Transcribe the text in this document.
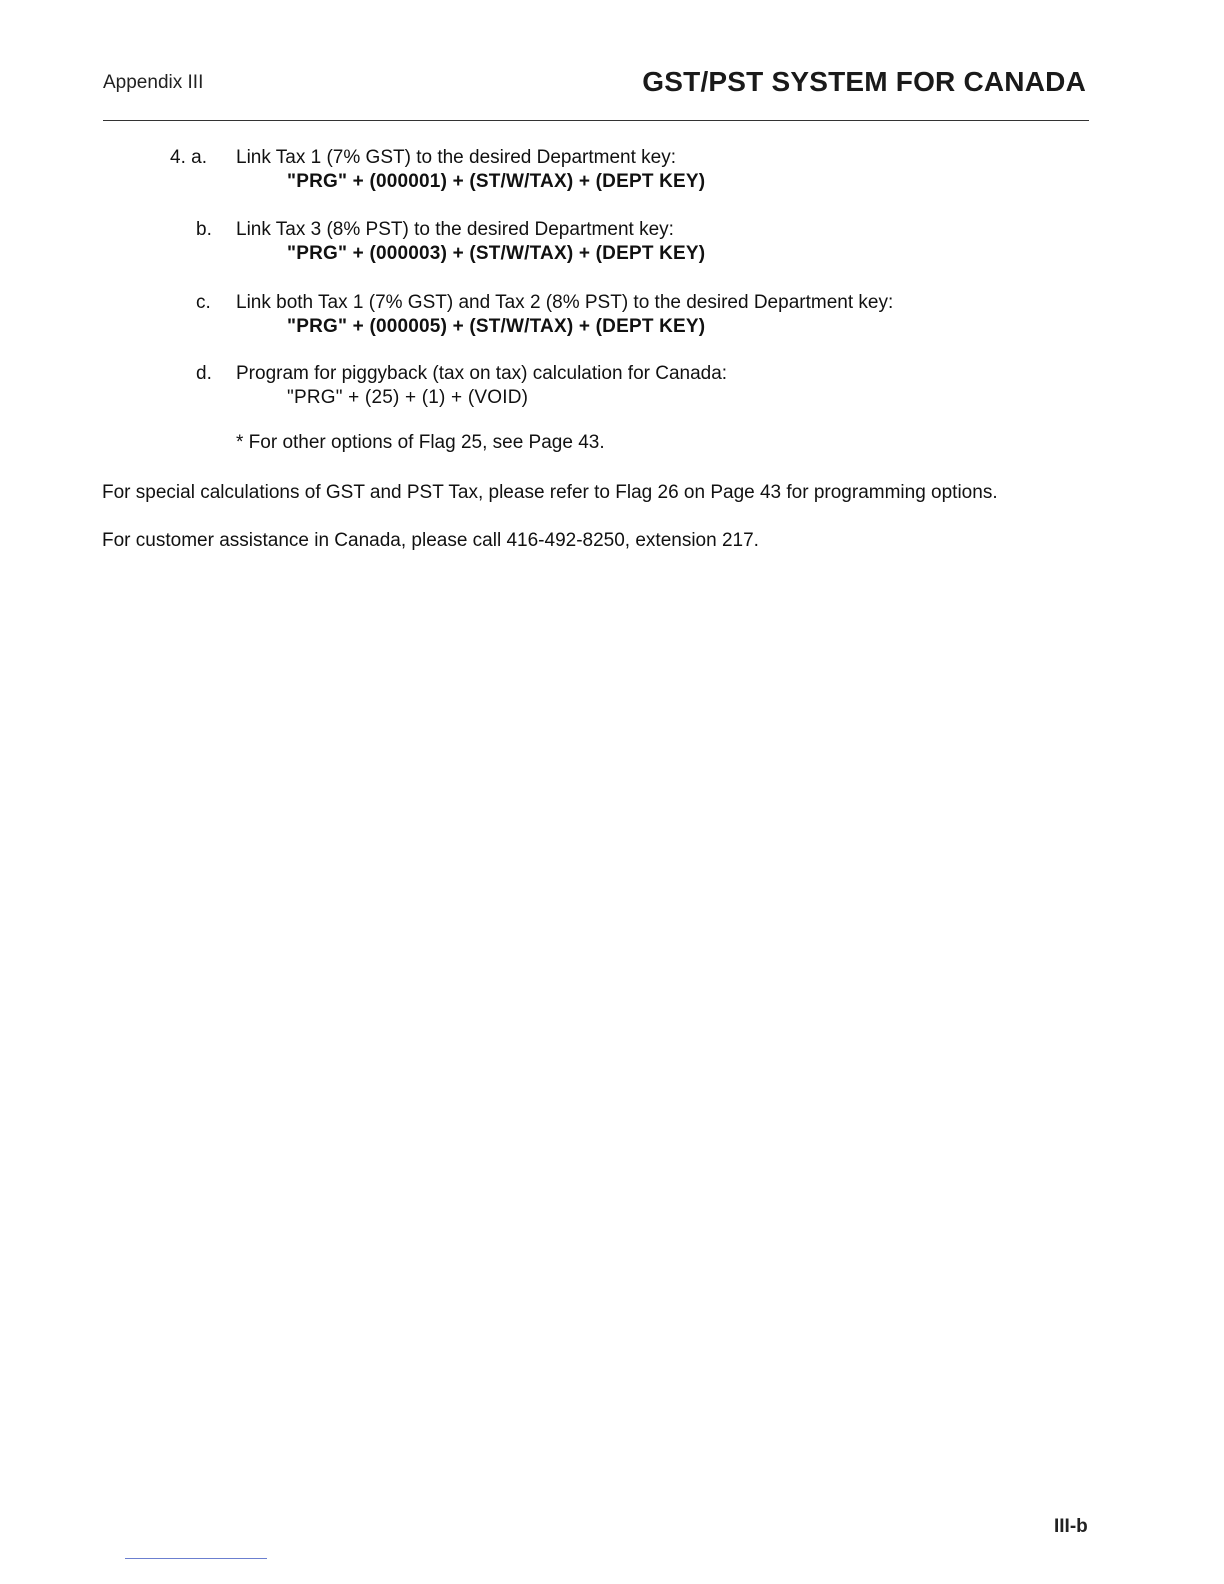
Appendix III	GST/PST SYSTEM FOR CANADA
4. a. Link Tax 1 (7% GST) to the desired Department key:
"PRG" + (000001) + (ST/W/TAX) + (DEPT KEY)
b. Link Tax 3 (8% PST) to the desired Department key:
"PRG" + (000003) + (ST/W/TAX) + (DEPT KEY)
c. Link both Tax 1 (7% GST) and Tax 2 (8% PST) to the desired Department key:
"PRG" + (000005) + (ST/W/TAX) + (DEPT KEY)
d. Program for piggyback (tax on tax) calculation for Canada:
"PRG" + (25) + (1) + (VOID)
* For other options of Flag 25, see Page 43.
For special calculations of GST and PST Tax, please refer to Flag 26 on Page 43 for programming options.
For customer assistance in Canada, please call 416-492-8250, extension 217.
III-b
